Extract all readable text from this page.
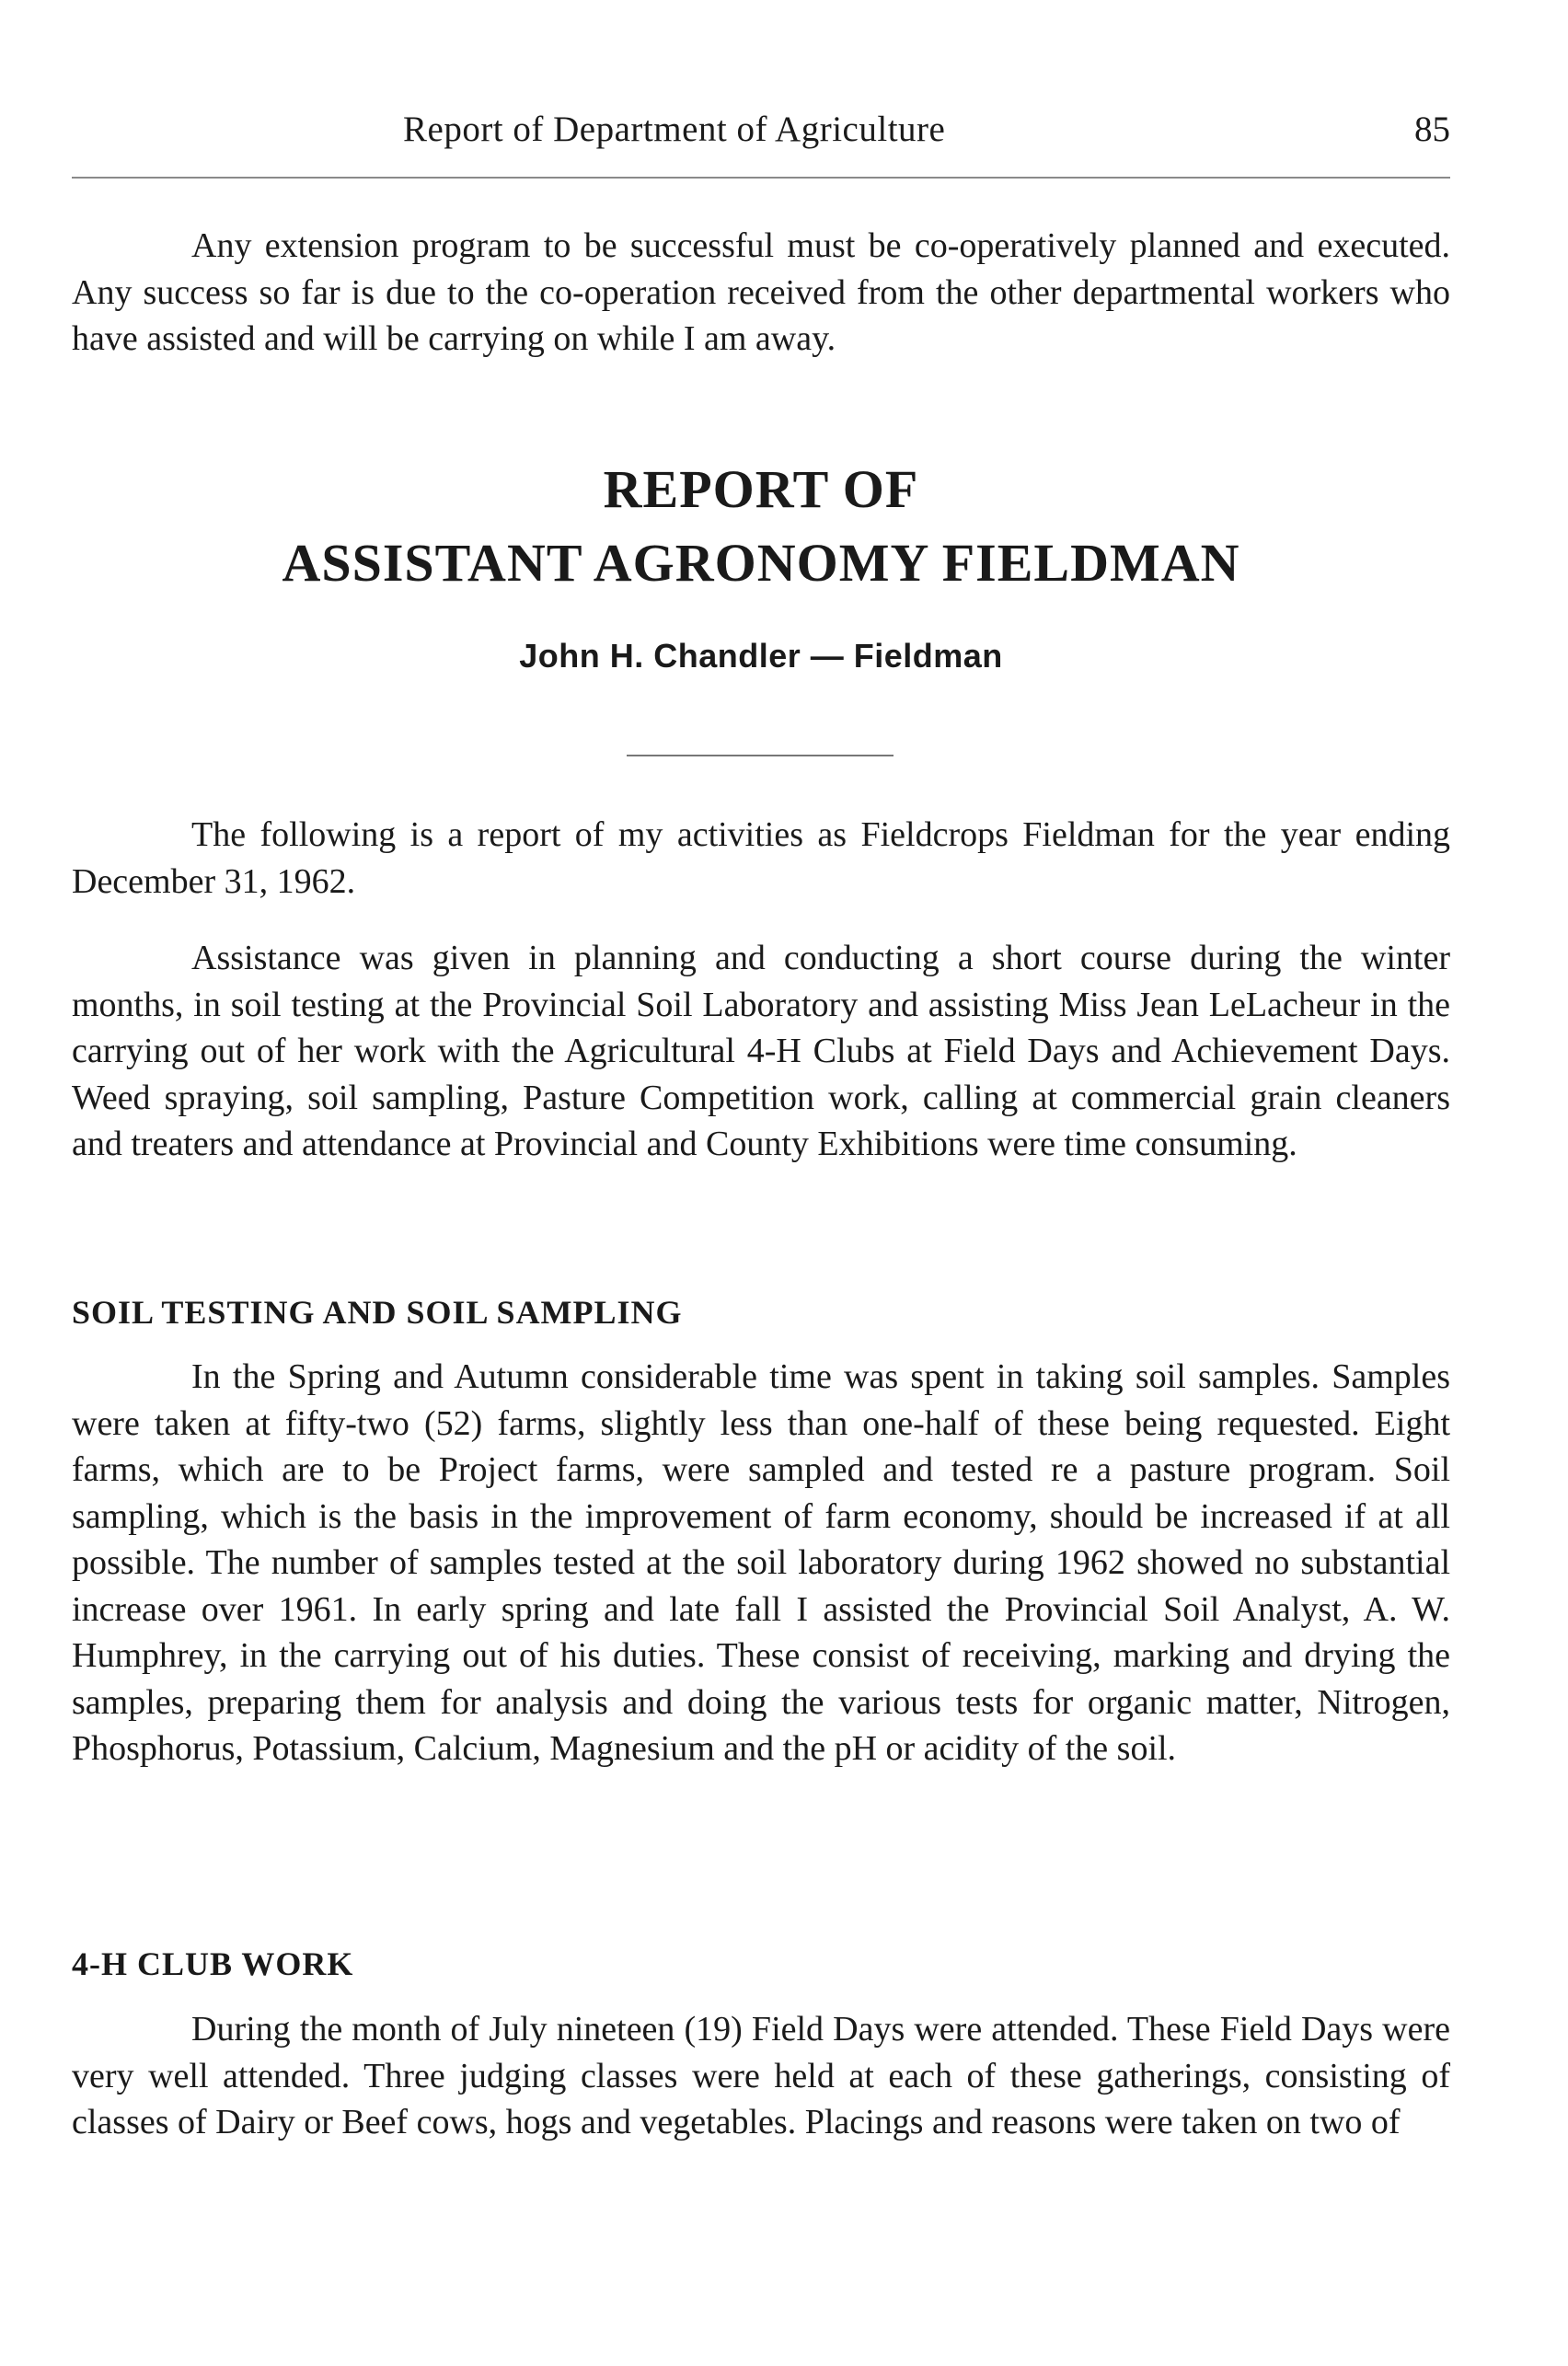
Report of Department of Agriculture	85

Any extension program to be successful must be co-operatively planned and executed. Any success so far is due to the co-operation received from the other departmental workers who have assisted and will be carrying on while I am away.

REPORT OF
ASSISTANT AGRONOMY FIELDMAN
John H. Chandler — Fieldman

The following is a report of my activities as Fieldcrops Fieldman for the year ending December 31, 1962.

Assistance was given in planning and conducting a short course during the winter months, in soil testing at the Provincial Soil Laboratory and assisting Miss Jean LeLacheur in the carrying out of her work with the Agricultural 4-H Clubs at Field Days and Achievement Days. Weed spraying, soil sampling, Pasture Competition work, calling at commercial grain cleaners and treaters and attendance at Provincial and County Exhibitions were time consuming.

SOIL TESTING AND SOIL SAMPLING

In the Spring and Autumn considerable time was spent in taking soil samples. Samples were taken at fifty-two (52) farms, slightly less than one-half of these being requested. Eight farms, which are to be Project farms, were sampled and tested re a pasture program. Soil sampling, which is the basis in the improvement of farm economy, should be increased if at all possible. The number of samples tested at the soil laboratory during 1962 showed no substantial increase over 1961. In early spring and late fall I assisted the Provincial Soil Analyst, A. W. Humphrey, in the carrying out of his duties. These consist of receiving, marking and drying the samples, preparing them for analysis and doing the various tests for organic matter, Nitrogen, Phosphorus, Potassium, Calcium, Magnesium and the pH or acidity of the soil.

4-H CLUB WORK

During the month of July nineteen (19) Field Days were attended. These Field Days were very well attended. Three judging classes were held at each of these gatherings, consisting of classes of Dairy or Beef cows, hogs and vegetables. Placings and reasons were taken on two of
